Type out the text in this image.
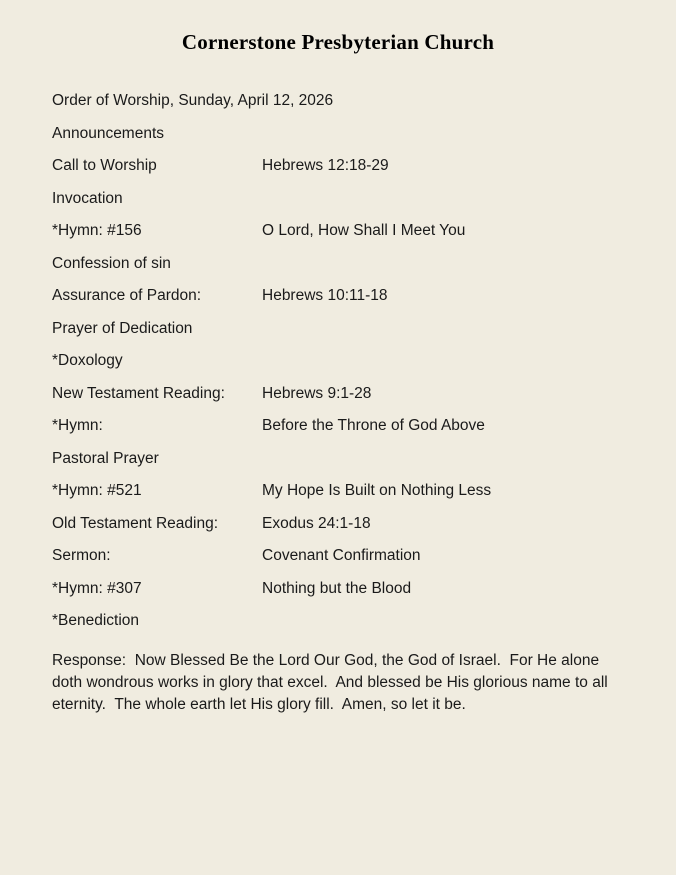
Cornerstone Presbyterian Church
Order of Worship, Sunday, April 12, 2026
Announcements
Call to Worship	Hebrews 12:18-29
Invocation
*Hymn: #156	O Lord, How Shall I Meet You
Confession of sin
Assurance of Pardon:	Hebrews 10:11-18
Prayer of Dedication
*Doxology
New Testament Reading:	Hebrews 9:1-28
*Hymn:	Before the Throne of God Above
Pastoral Prayer
*Hymn: #521	My Hope Is Built on Nothing Less
Old Testament Reading:	Exodus 24:1-18
Sermon:	Covenant Confirmation
*Hymn: #307	Nothing but the Blood
*Benediction
Response:  Now Blessed Be the Lord Our God, the God of Israel.  For He alone doth wondrous works in glory that excel.  And blessed be His glorious name to all eternity.  The whole earth let His glory fill.  Amen, so let it be.
